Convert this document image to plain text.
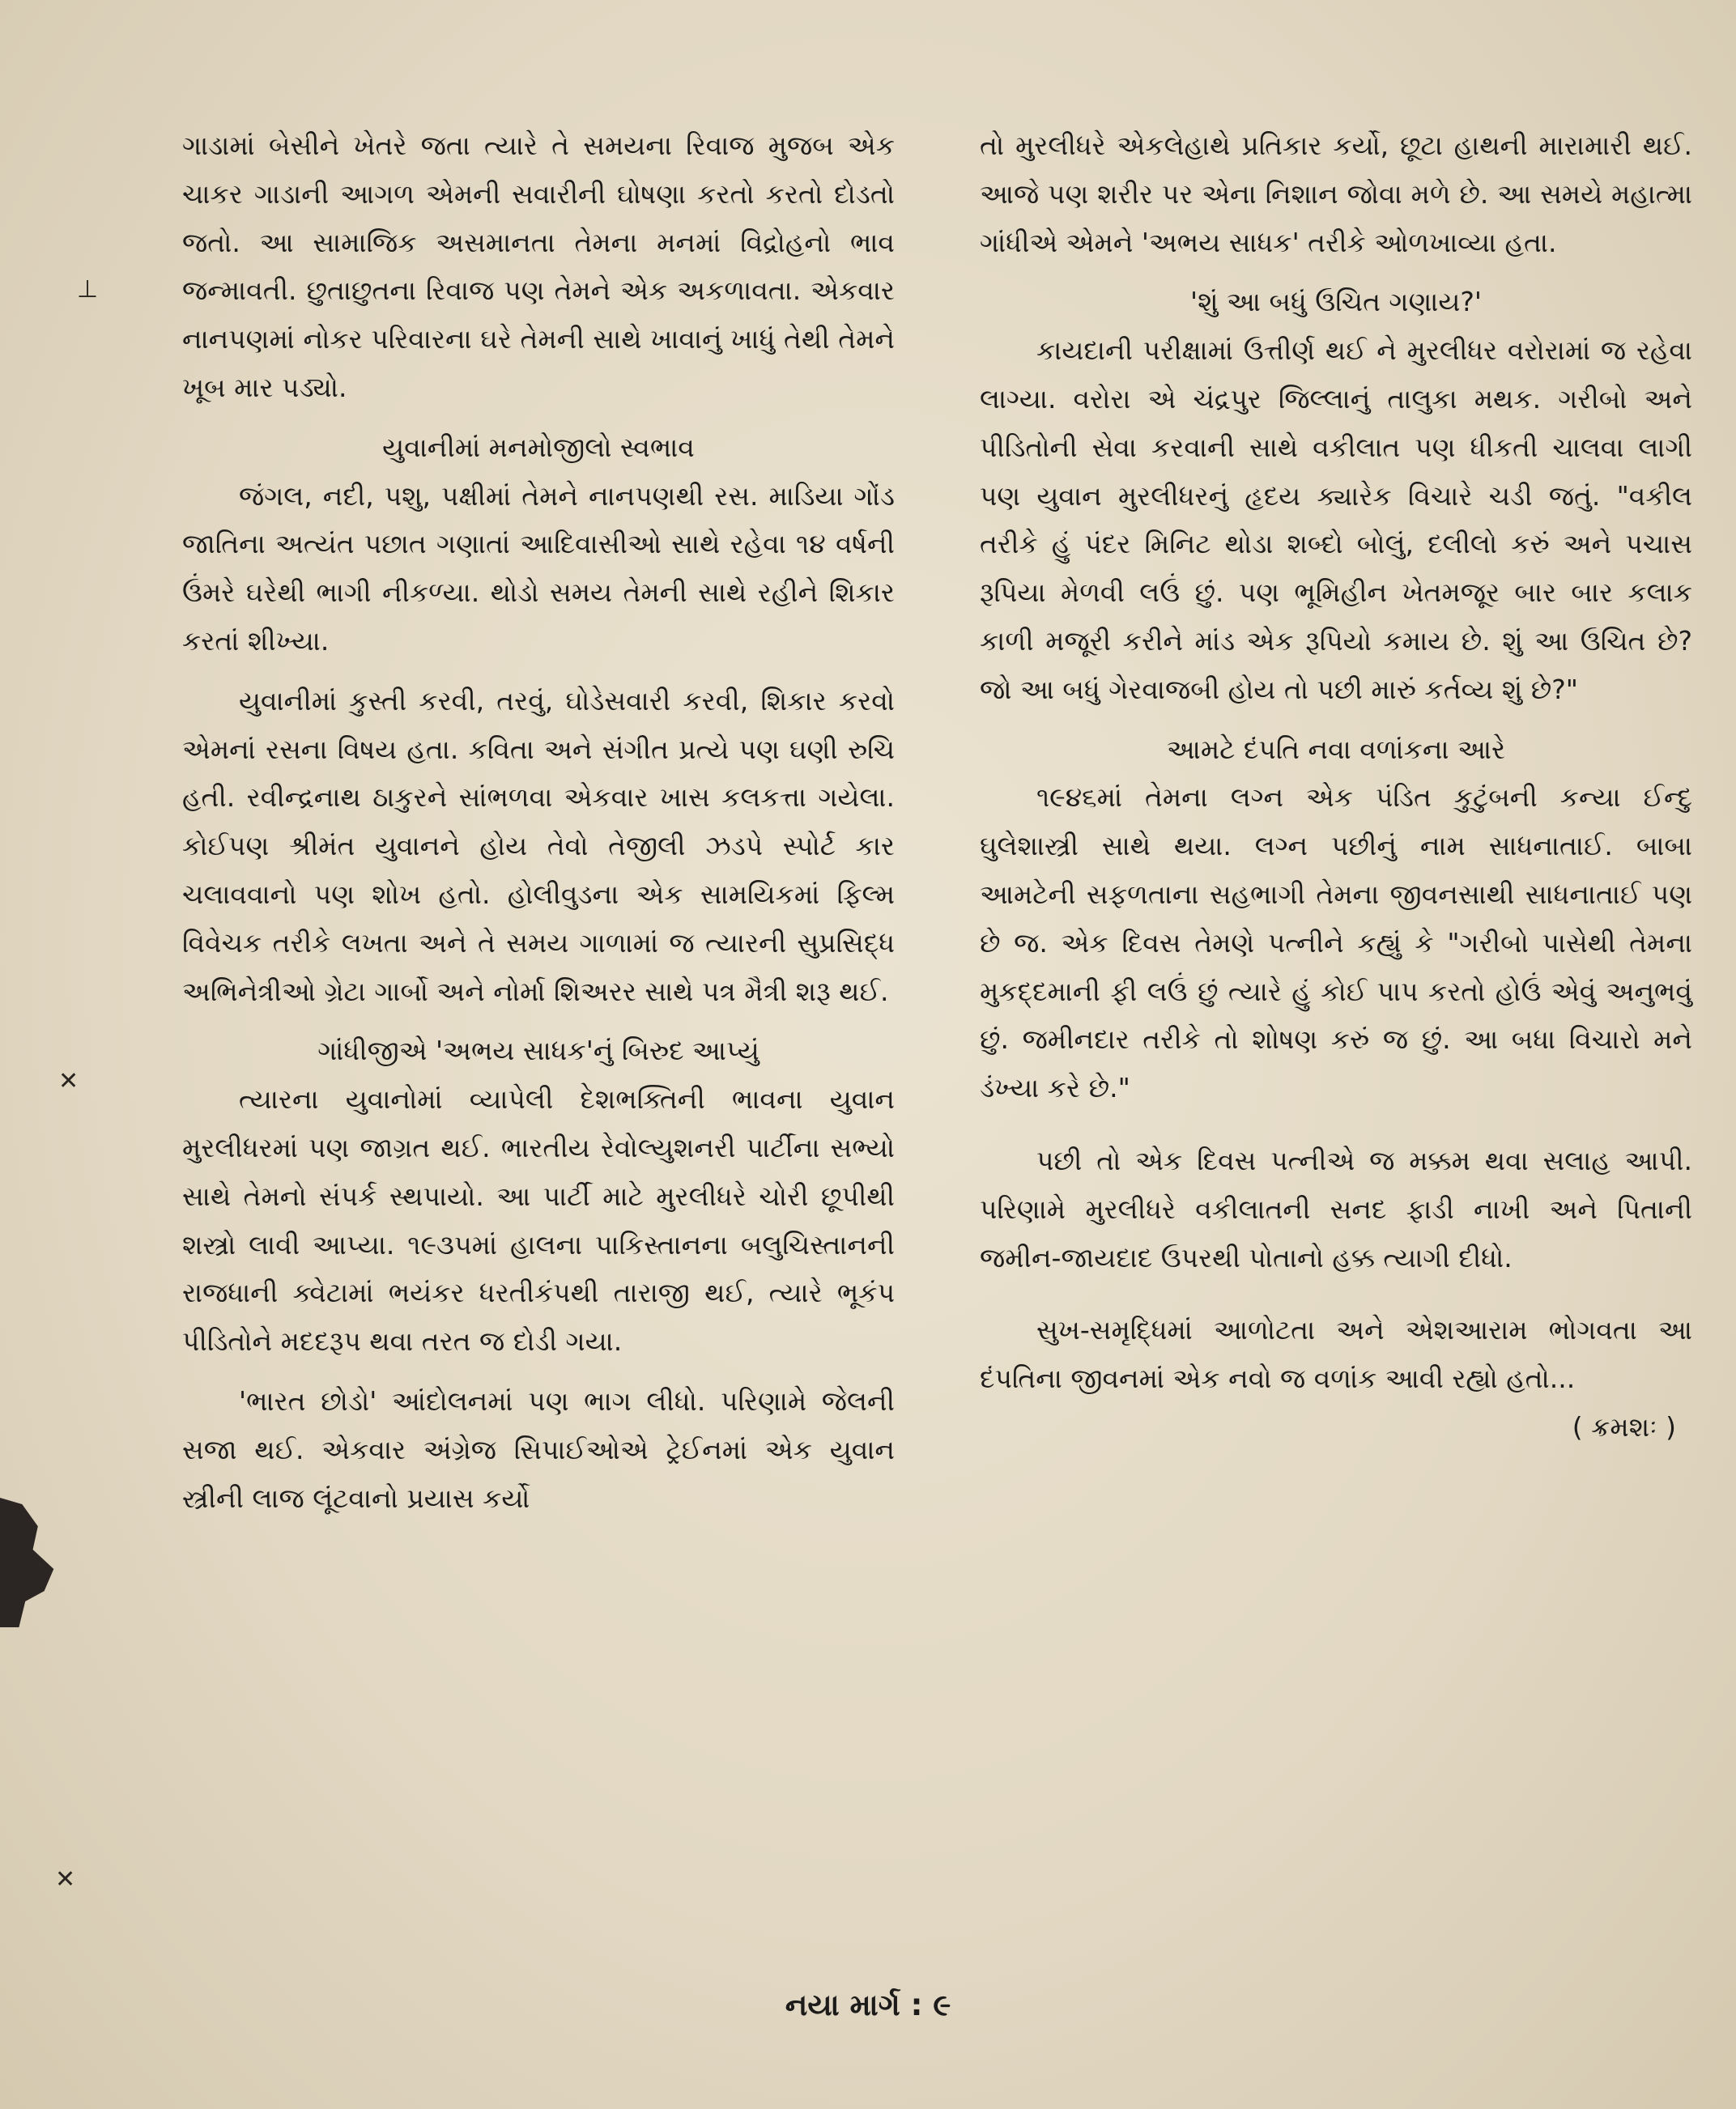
ગાડામાં બેસીને ખેતરે જતા ત્યારે તે સમયના રિવાજ મુજબ એક ચાકર ગાડાની આગળ એમની સવારીની ઘોષણા કરતો કરતો દોડતો જતો. આ સામાજિક અસમાનતા તેમના મનમાં વિદ્રોહનો ભાવ જન્માવતી. છુતાછુતના રિવાજ પણ તેમને એક અકળાવતા. એકવાર નાનપણમાં નોકર પરિવારના ઘરે તેમની સાથે ખાવાનું ખાધું તેથી તેમને ખૂબ માર પડ્યો.

યુવાનીમાં મનમોજીલો સ્વભાવ

જંગલ, નદી, પશુ, પક્ષીમાં તેમને નાનપણથી રસ. માડિયા ગોંડ જાતિના અત્યંત પછાત ગણાતાં આદિવાસીઓ સાથે રહેવા ૧૪ વર્ષની ઉંમરે ઘરેથી ભાગી નીકળ્યા. થોડો સમય તેમની સાથે રહીને શિકાર કરતાં શીખ્યા.

યુવાનીમાં કુસ્તી કરવી, તરવું, ઘોડેસવારી કરવી, શિકાર કરવો એમનાં રસના વિષય હતા. કવિતા અને સંગીત પ્રત્યે પણ ઘણી રુચિ હતી. રવીન્દ્રનાથ ઠાકુરને સાંભળવા એકવાર ખાસ કલકત્તા ગયેલા. કોઈપણ શ્રીમંત યુવાનને હોય તેવો તેજીલી ઝડપે સ્પોર્ટ કાર ચલાવવાનો પણ શોખ હતો. હોલીવુડના એક સામયિકમાં ફિલ્મ વિવેચક તરીકે લખતા અને તે સમય ગાળામાં જ ત્યારની સુપ્રસિદ્ધ અભિનેત્રીઓ ગ્રેટા ગાર્બો અને નોર્મા શિઅરર સાથે પત્ર મૈત્રી શરૂ થઈ.

ગાંધીજીએ 'અભય સાધક'નું બિરુદ આપ્યું

ત્યારના યુવાનોમાં વ્યાપેલી દેશભક્તિની ભાવના યુવાન મુરલીધરમાં પણ જાગ્રત થઈ. ભારતીય રેવોલ્યુશનરી પાર્ટીના સભ્યો સાથે તેમનો સંપર્ક સ્થપાયો. આ પાર્ટી માટે મુરલીધરે ચોરી છૂપીથી શસ્ત્રો લાવી આપ્યા. ૧૯૩૫માં હાલના પાકિસ્તાનના બલુચિસ્તાનની રાજધાની ક્વેટામાં ભયંકર ધરતીકંપથી તારાજી થઈ, ત્યારે ભૂકંપ પીડિતોને મદદરૂપ થવા તરત જ દોડી ગયા.

'ભારત છોડો' આંદોલનમાં પણ ભાગ લીધો. પરિણામે જેલની સજા થઈ. એકવાર અંગ્રેજ સિપાઈઓએ ટ્રેઈનમાં એક યુવાન સ્ત્રીની લાજ લૂંટવાનો પ્રયાસ કર્યો

તો મુરલીધરે એકલેહાથે પ્રતિકાર કર્યો, છૂટા હાથની મારામારી થઈ. આજે પણ શરીર પર એના નિશાન જોવા મળે છે. આ સમયે મહાત્મા ગાંધીએ એમને 'અભય સાધક' તરીકે ઓળખાવ્યા હતા.

'શું આ બધું ઉચિત ગણાય?'

કાયદાની પરીક્ષામાં ઉત્તીર્ણ થઈ ને મુરલીધર વરોરામાં જ રહેવા લાગ્યા. વરોરા એ ચંદ્રપુર જિલ્લાનું તાલુકા મથક. ગરીબો અને પીડિતોની સેવા કરવાની સાથે વકીલાત પણ ધીકતી ચાલવા લાગી પણ યુવાન મુરલીધરનું હૃદય ક્યારેક વિચારે ચડી જતું. "વકીલ તરીકે હું પંદર મિનિટ થોડા શબ્દો બોલું, દલીલો કરું અને પચાસ રૂપિયા મેળવી લઉં છું. પણ ભૂમિહીન ખેતમજૂર બાર બાર કલાક કાળી મજૂરી કરીને માંડ એક રૂપિયો કમાય છે. શું આ ઉચિત છે? જો આ બધું ગેરવાજબી હોય તો પછી મારું કર્તવ્ય શું છે?"

આમટે દંપતિ નવા વળાંકના આરે

૧૯૪૬માં તેમના લગ્ન એક પંડિત કુટુંબની કન્યા ઈન્દુ ઘુલેશાસ્ત્રી સાથે થયા. લગ્ન પછીનું નામ સાધનાતાઈ. બાબા આમટેની સફળતાના સહભાગી તેમના જીવનસાથી સાધનાતાઈ પણ છે જ. એક દિવસ તેમણે પત્નીને કહ્યું કે "ગરીબો પાસેથી તેમના મુકદ્દમાની ફી લઉં છું ત્યારે હું કોઈ પાપ કરતો હોઉં એવું અનુભવું છું. જમીનદાર તરીકે તો શોષણ કરું જ છું. આ બધા વિચારો મને ડંખ્યા કરે છે."

પછી તો એક દિવસ પત્નીએ જ મક્કમ થવા સલાહ આપી. પરિણામે મુરલીધરે વકીલાતની સનદ ફાડી નાખી અને પિતાની જમીન-જાયદાદ ઉપરથી પોતાનો હક્ક ત્યાગી દીધો.

સુખ-સમૃદ્ધિમાં આળોટતા અને એશઆરામ ભોગવતા આ દંપતિના જીવનમાં એક નવો જ વળાંક આવી રહ્યો હતો...
( ક્રમશઃ )

નયા માર્ગ : ૯
⊥
✕
✕
